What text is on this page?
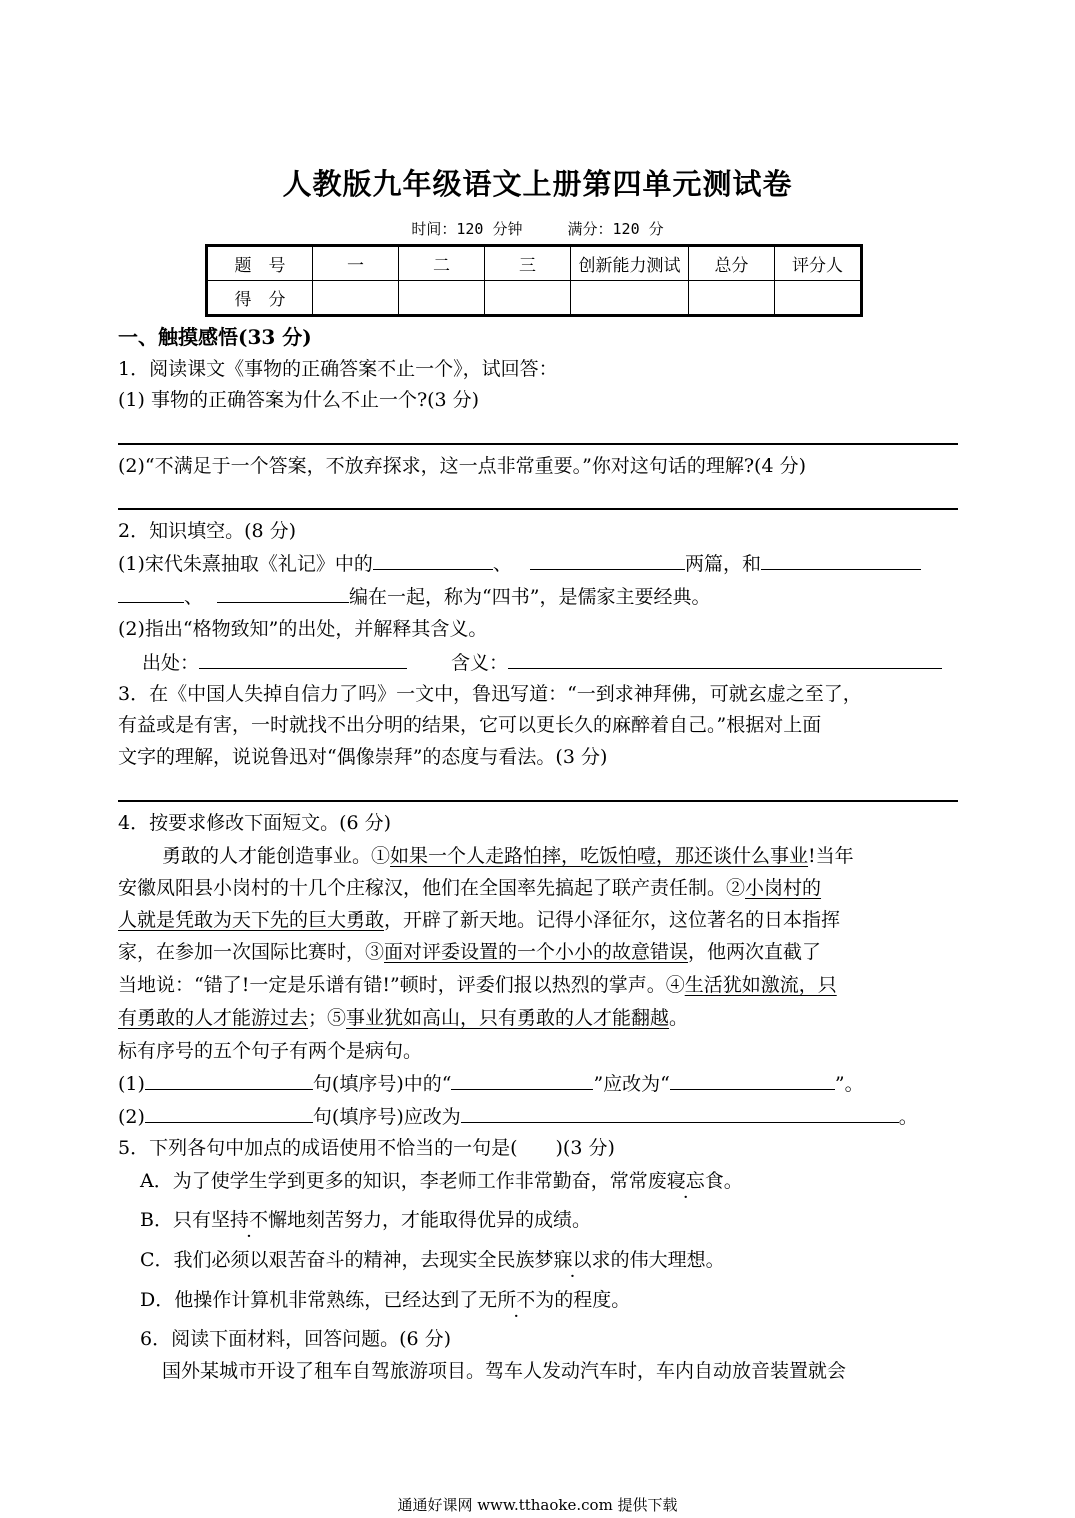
人教版九年级语文上册第四单元测试卷
时间：120 分钟	满分：120 分
题　号	一	二	三	创新能力测试	总分	评分人
得　分						
一、触摸感悟(33 分)
1．阅读课文《事物的正确答案不止一个》，试回答：
(1) 事物的正确答案为什么不止一个?(3 分)
(2)“不满足于一个答案，不放弃探求，这一点非常重要。”你对这句话的理解?(4 分)
2．知识填空。(8 分)
(1)宋代朱熹抽取《礼记》中的	、	两篇，和
、	编在一起，称为“四书”，是儒家主要经典。
(2)指出“格物致知”的出处，并解释其含义。
出处：	含义：
3．在《中国人失掉自信力了吗》一文中，鲁迅写道：“一到求神拜佛，可就玄虚之至了，
有益或是有害，一时就找不出分明的结果，它可以更长久的麻醉着自己。”根据对上面
文字的理解，说说鲁迅对“偶像崇拜”的态度与看法。(3 分)
4．按要求修改下面短文。(6 分)
勇敢的人才能创造事业。①如果一个人走路怕摔，吃饭怕噎，那还谈什么事业!当年
安徽凤阳县小岗村的十几个庄稼汉，他们在全国率先搞起了联产责任制。②小岗村的
人就是凭敢为天下先的巨大勇敢，开辟了新天地。记得小泽征尔，这位著名的日本指挥
家，在参加一次国际比赛时，③面对评委设置的一个小小的故意错误，他两次直截了
当地说：“错了!一定是乐谱有错!”顿时，评委们报以热烈的掌声。④生活犹如激流，只
有勇敢的人才能游过去；⑤事业犹如高山，只有勇敢的人才能翻越。
标有序号的五个句子有两个是病句。
(1)	句(填序号)中的“	”应改为“	”。
(2)	句(填序号)应改为	。
5．下列各句中加点的成语使用不恰当的一句是(　　)(3 分)
A．为了使学生学到更多的知识，李老师工作非常勤奋，常常废寝忘食。
B．只有坚持不懈地刻苦努力，才能取得优异的成绩。
C．我们必须以艰苦奋斗的精神，去现实全民族梦寐以求的伟大理想。
D．他操作计算机非常熟练，已经达到了无所不为的程度。
6．阅读下面材料，回答问题。(6 分)
国外某城市开设了租车自驾旅游项目。驾车人发动汽车时，车内自动放音装置就会
通通好课网 www.tthaoke.com 提供下载
